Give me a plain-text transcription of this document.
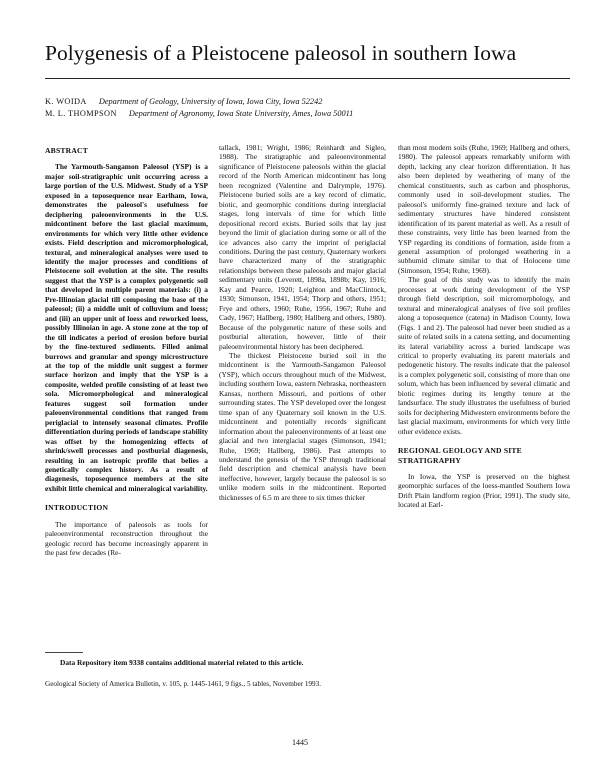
Polygenesis of a Pleistocene paleosol in southern Iowa
K. WOIDA Department of Geology, University of Iowa, Iowa City, Iowa 52242
M. L. THOMPSON Department of Agronomy, Iowa State University, Ames, Iowa 50011
ABSTRACT

The Yarmouth-Sangamon Paleosol (YSP) is a major soil-stratigraphic unit occurring across a large portion of the U.S. Midwest. Study of a YSP exposed in a toposequence near Earlham, Iowa, demonstrates the paleosol's usefulness for deciphering paleoenvironments in the U.S. midcontinent before the last glacial maximum, environments for which very little other evidence exists. Field description and micromorphological, textural, and mineralogical analyses were used to identify the major processes and conditions of Pleistocene soil evolution at the site. The results suggest that the YSP is a complex polygenetic soil that developed in multiple parent materials: (i) a Pre-Illinoian glacial till composing the base of the paleosol; (ii) a middle unit of colluvium and loess; and (iii) an upper unit of loess and reworked loess, possibly Illinoian in age. A stone zone at the top of the till indicates a period of erosion before burial by the fine-textured sediments. Filled animal burrows and granular and spongy microstructure at the top of the middle unit suggest a former surface horizon and imply that the YSP is a composite, welded profile consisting of at least two sola. Micromorphological and mineralogical features suggest soil formation under paleoenvironmental conditions that ranged from periglacial to intensely seasonal climates. Profile differentiation during periods of landscape stability was offset by the homogenizing effects of shrink/swell processes and postburial diagenesis, resulting in an isotropic profile that belies a genetically complex history. As a result of diagenesis, toposequence members at the site exhibit little chemical and mineralogical variability.

INTRODUCTION

The importance of paleosols as tools for paleoenvironmental reconstruction throughout the geologic record has become increasingly apparent in the past few decades (Re-

tallack, 1981; Wright, 1986; Reinhardt and Sigleo, 1988). The stratigraphic and paleoenvironmental significance of Pleistocene paleosols within the glacial record of the North American midcontinent has long been recognized (Valentine and Dalrymple, 1976). Pleistocene buried soils are a key record of climatic, biotic, and geomorphic conditions during interglacial stages, long intervals of time for which little depositional record exists. Buried soils that lay just beyond the limit of glaciation during some or all of the ice advances also carry the imprint of periglacial conditions. During the past century, Quaternary workers have characterized many of the stratigraphic relationships between these paleosols and major glacial sedimentary units (Leverett, 1898a, 1898b; Kay, 1916; Kay and Pearce, 1920; Leighton and MacClintock, 1930; Simonson, 1941, 1954; Thorp and others, 1951; Frye and others, 1960; Ruhe, 1956, 1967; Ruhe and Cady, 1967; Hallberg, 1980; Hallberg and others, 1980). Because of the polygenetic nature of these soils and postburial alteration, however, little of their paleoenvironmental history has been deciphered.

The thickest Pleistocene buried soil in the midcontinent is the Yarmouth-Sangamon Paleosol (YSP), which occurs throughout much of the Midwest, including southern Iowa, eastern Nebraska, northeastern Kansas, northern Missouri, and portions of other surrounding states. The YSP developed over the longest time span of any Quaternary soil known in the U.S. midcontinent and potentially records significant information about the paleoenvironments of at least one glacial and two interglacial stages (Simonson, 1941; Ruhe, 1969; Hallberg, 1986). Past attempts to understand the genesis of the YSP through traditional field description and chemical analysis have been ineffective, however, largely because the paleosol is so unlike modern soils in the midcontinent. Reported thicknesses of 6.5 m are three to six times thicker

than most modern soils (Ruhe, 1969; Hallberg and others, 1980). The paleosol appears remarkably uniform with depth, lacking any clear horizon differentiation. It has also been depleted by weathering of many of the chemical constituents, such as carbon and phosphorus, commonly used in soil-development studies. The paleosol's uniformly fine-grained texture and lack of sedimentary structures have hindered consistent identification of its parent material as well. As a result of these constraints, very little has been learned from the YSP regarding its conditions of formation, aside from a general assumption of prolonged weathering in a subhumid climate similar to that of Holocene time (Simonson, 1954; Ruhe, 1969).

The goal of this study was to identify the main processes at work during development of the YSP through field description, soil micromorphology, and textural and mineralogical analyses of five soil profiles along a toposequence (catena) in Madison County, Iowa (Figs. 1 and 2). The paleosol had never been studied as a suite of related soils in a catena setting, and documenting its lateral variability across a buried landscape was critical to properly evaluating its parent materials and pedogenetic history. The results indicate that the paleosol is a complex polygenetic soil, consisting of more than one solum, which has been influenced by several climatic and biotic regimes during its lengthy tenure at the landsurface. The study illustrates the usefulness of buried soils for deciphering Midwestern environments before the last glacial maximum, environments for which very little other evidence exists.

REGIONAL GEOLOGY AND SITE STRATIGRAPHY

In Iowa, the YSP is preserved on the highest geomorphic surfaces of the loess-mantled Southern Iowa Drift Plain landform region (Prior, 1991). The study site, located at Earl-

Data Repository item 9338 contains additional material related to this article.
Geological Society of America Bulletin, v. 105, p. 1445-1461, 9 figs., 5 tables, November 1993.
1445
